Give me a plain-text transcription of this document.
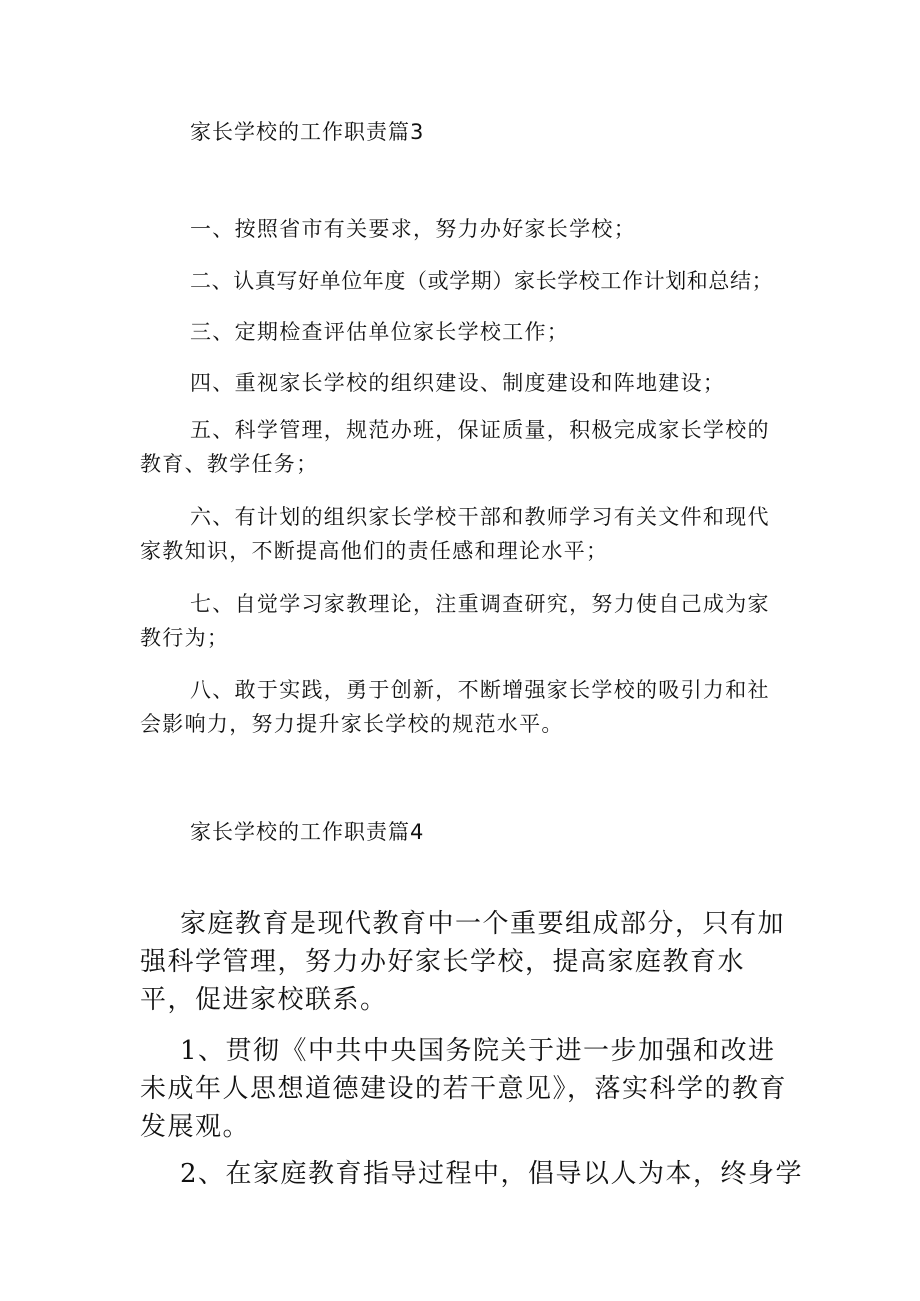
家长学校的工作职责篇3
一、按照省市有关要求，努力办好家长学校；
二、认真写好单位年度（或学期）家长学校工作计划和总结；
三、定期检查评估单位家长学校工作；
四、重视家长学校的组织建设、制度建设和阵地建设；
五、科学管理，规范办班，保证质量，积极完成家长学校的教育、教学任务；
六、有计划的组织家长学校干部和教师学习有关文件和现代家教知识，不断提高他们的责任感和理论水平；
七、自觉学习家教理论，注重调查研究，努力使自己成为家教行为；
八、敢于实践，勇于创新，不断增强家长学校的吸引力和社会影响力，努力提升家长学校的规范水平。
家长学校的工作职责篇4
家庭教育是现代教育中一个重要组成部分，只有加强科学管理，努力办好家长学校，提高家庭教育水平，促进家校联系。
1、贯彻《中共中央国务院关于进一步加强和改进未成年人思想道德建设的若干意见》，落实科学的教育发展观。
2、在家庭教育指导过程中，倡导以人为本，终身学
